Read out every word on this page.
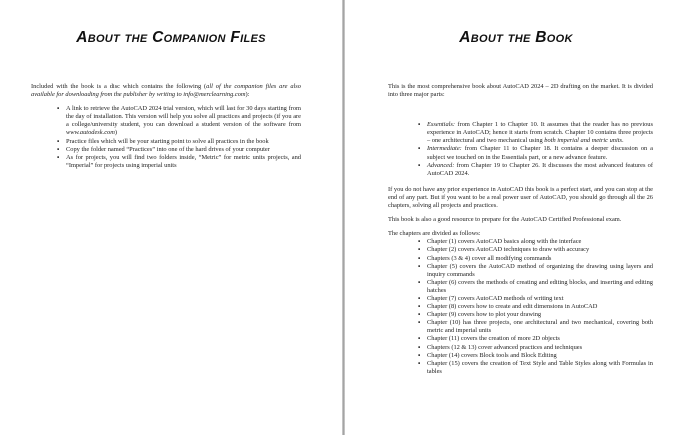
About the Companion Files	About the Book

Included with the book is a disc which contains the following (all of the companion files are also available for downloading from the publisher by writing to info@merclearning.com):

▪ A link to retrieve the AutoCAD 2024 trial version, which will last for 30 days starting from the day of installation. This version will help you solve all practices and projects (if you are a college/university student, you can download a student version of the software from www.autodesk.com)
▪ Practice files which will be your starting point to solve all practices in the book
▪ Copy the folder named “Practices” into one of the hard drives of your computer
▪ As for projects, you will find two folders inside, “Metric” for metric units projects, and “Imperial” for projects using imperial units

This is the most comprehensive book about AutoCAD 2024 – 2D drafting on the market. It is divided into three major parts:

▪ Essentials: from Chapter 1 to Chapter 10. It assumes that the reader has no previous experience in AutoCAD; hence it starts from scratch. Chapter 10 contains three projects – one architectural and two mechanical using both imperial and metric units.
▪ Intermediate: from Chapter 11 to Chapter 18. It contains a deeper discussion on a subject we touched on in the Essentials part, or a new advance feature.
▪ Advanced: from Chapter 19 to Chapter 26. It discusses the most advanced features of AutoCAD 2024.

If you do not have any prior experience in AutoCAD this book is a perfect start, and you can stop at the end of any part. But if you want to be a real power user of AutoCAD, you should go through all the 26 chapters, solving all projects and practices.

This book is also a good resource to prepare for the AutoCAD Certified Professional exam.

The chapters are divided as follows:

▪ Chapter (1) covers AutoCAD basics along with the interface
▪ Chapter (2) covers AutoCAD techniques to draw with accuracy
▪ Chapters (3 & 4) cover all modifying commands
▪ Chapter (5) covers the AutoCAD method of organizing the drawing using layers and inquiry commands
▪ Chapter (6) covers the methods of creating and editing blocks, and inserting and editing hatches
▪ Chapter (7) covers AutoCAD methods of writing text
▪ Chapter (8) covers how to create and edit dimensions in AutoCAD
▪ Chapter (9) covers how to plot your drawing
▪ Chapter (10) has three projects, one architectural and two mechanical, covering both metric and imperial units
▪ Chapter (11) covers the creation of more 2D objects
▪ Chapters (12 & 13) cover advanced practices and techniques
▪ Chapter (14) covers Block tools and Block Editing
▪ Chapter (15) covers the creation of Text Style and Table Styles along with Formulas in tables
